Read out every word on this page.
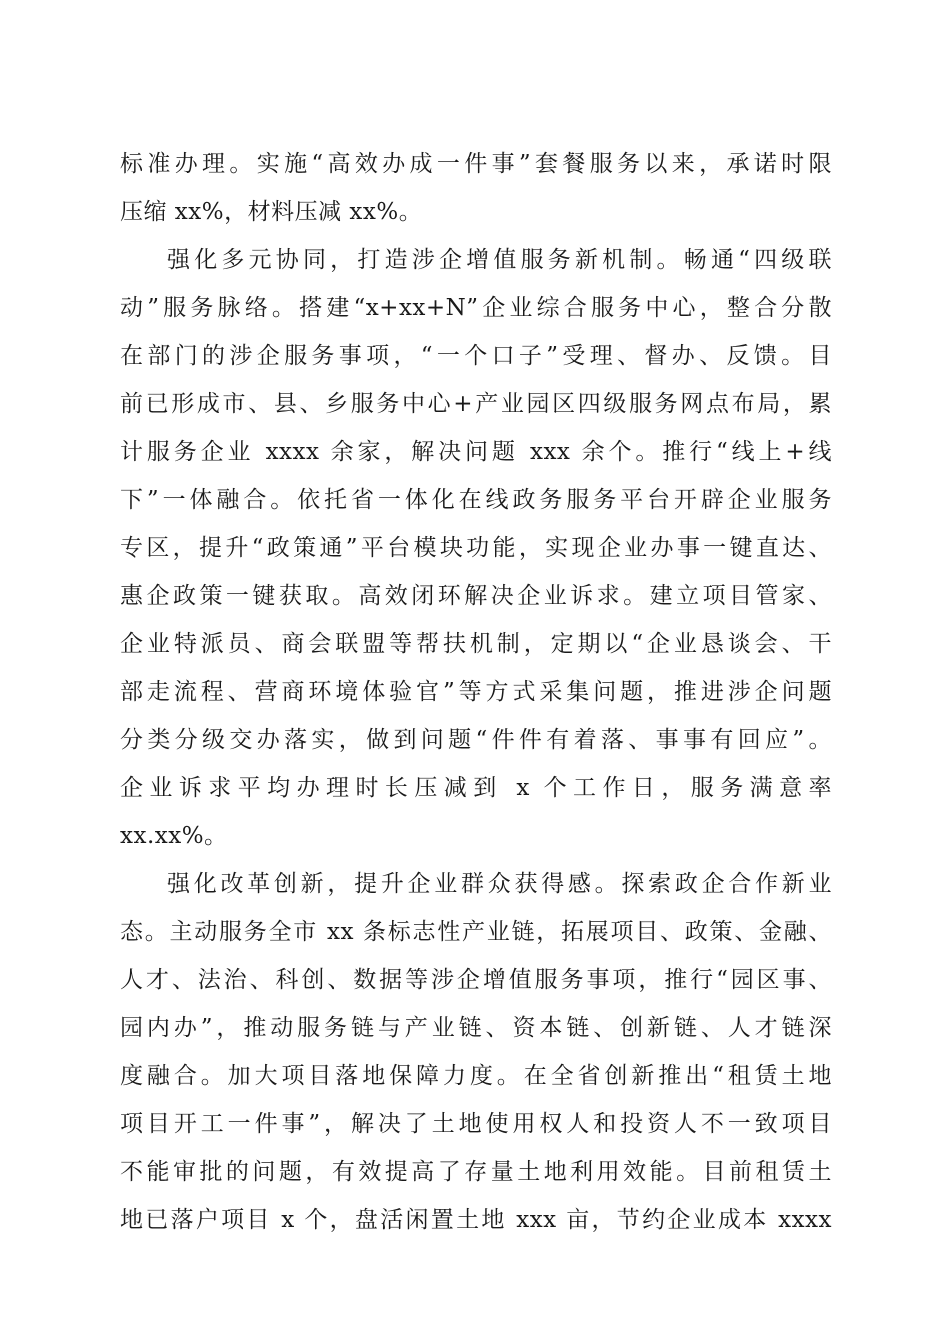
标准办理。实施“高效办成一件事”套餐服务以来，承诺时限
压缩 xx%，材料压减 xx%。
强化多元协同，打造涉企增值服务新机制。畅通“四级联
动”服务脉络。搭建“x+xx+N”企业综合服务中心，整合分散
在部门的涉企服务事项，“一个口子”受理、督办、反馈。目
前已形成市、县、乡服务中心+产业园区四级服务网点布局，累
计服务企业 xxxx 余家，解决问题 xxx 余个。推行“线上+线
下”一体融合。依托省一体化在线政务服务平台开辟企业服务
专区，提升“政策通”平台模块功能，实现企业办事一键直达、
惠企政策一键获取。高效闭环解决企业诉求。建立项目管家、
企业特派员、商会联盟等帮扶机制，定期以“企业恳谈会、干
部走流程、营商环境体验官”等方式采集问题，推进涉企问题
分类分级交办落实，做到问题“件件有着落、事事有回应”。
企业诉求平均办理时长压减到 x 个工作日，服务满意率
xx.xx%。
强化改革创新，提升企业群众获得感。探索政企合作新业
态。主动服务全市 xx 条标志性产业链，拓展项目、政策、金融、
人才、法治、科创、数据等涉企增值服务事项，推行“园区事、
园内办”，推动服务链与产业链、资本链、创新链、人才链深
度融合。加大项目落地保障力度。在全省创新推出“租赁土地
项目开工一件事”，解决了土地使用权人和投资人不一致项目
不能审批的问题，有效提高了存量土地利用效能。目前租赁土
地已落户项目 x 个，盘活闲置土地 xxx 亩，节约企业成本 xxxx
